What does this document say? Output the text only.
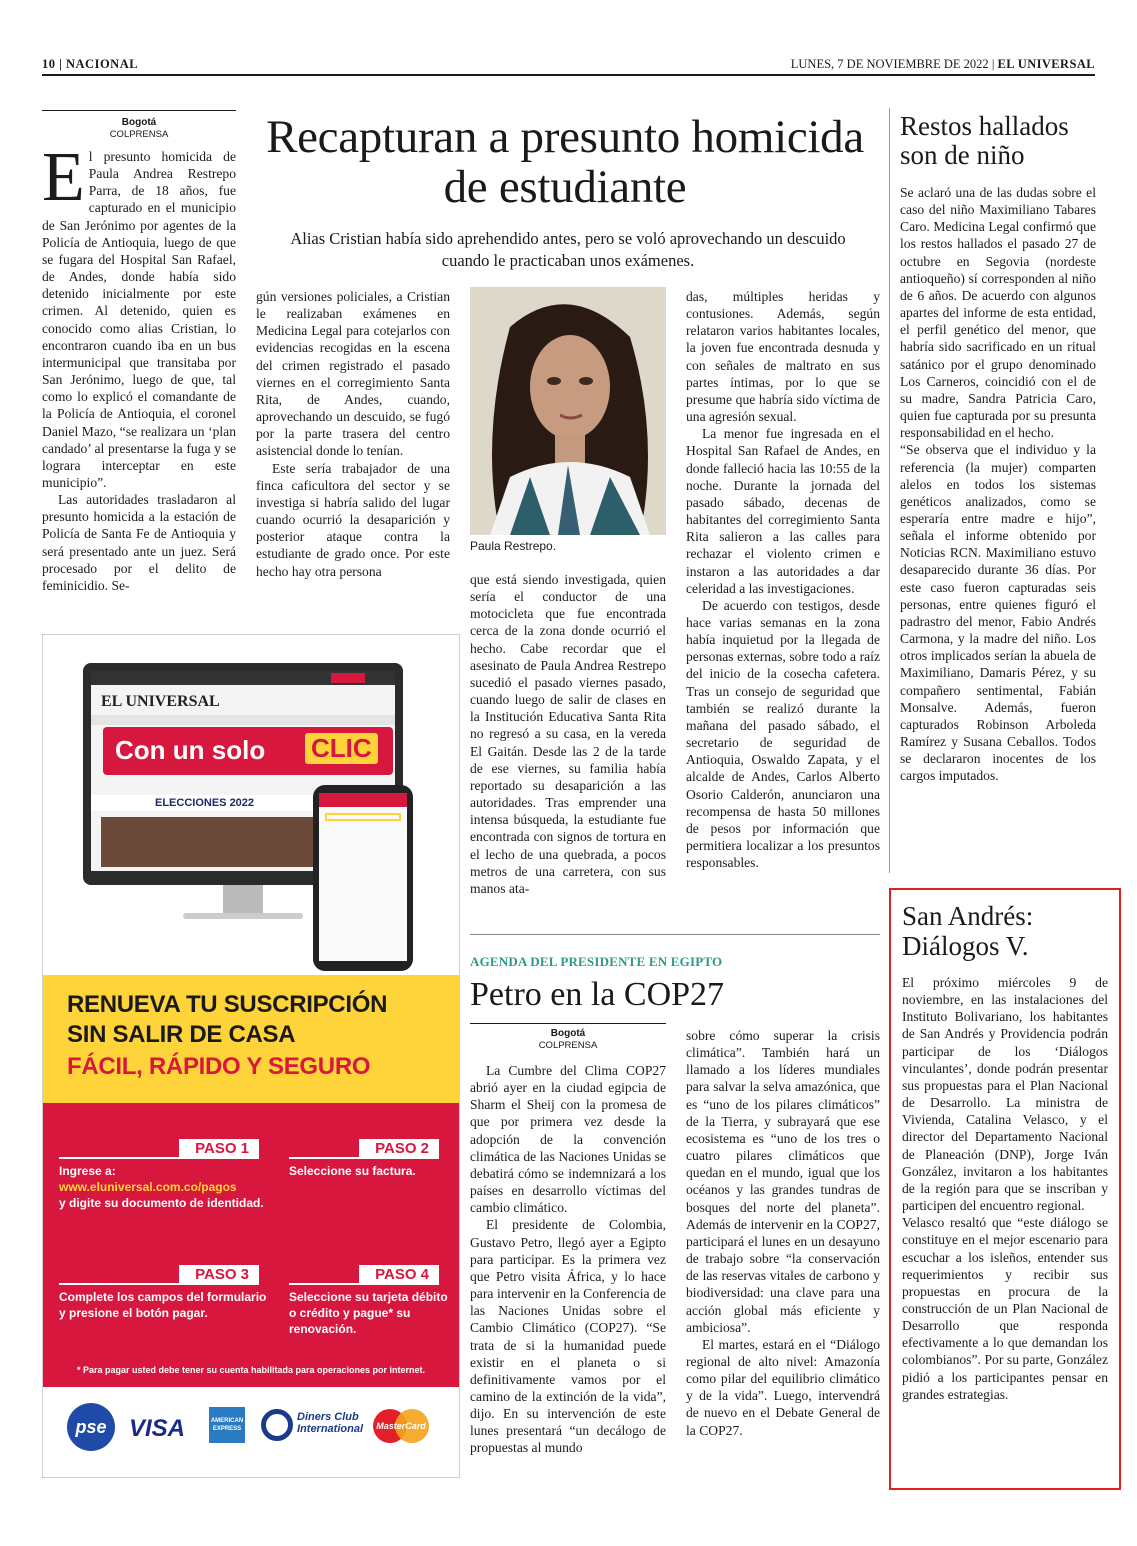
10 | NACIONAL	LUNES, 7 DE NOVIEMBRE DE 2022 | EL UNIVERSAL
Bogotá
COLPRENSA

El presunto homicida de Paula Andrea Restrepo Parra, de 18 años, fue capturado en el municipio de San Jerónimo por agentes de la Policía de Antioquia, luego de que se fugara del Hospital San Rafael, de Andes, donde había sido detenido inicialmente por este crimen. Al detenido, quien es conocido como alias Cristian, lo encontraron cuando iba en un bus intermunicipal que transitaba por San Jerónimo, luego de que, tal como lo explicó el comandante de la Policía de Antioquia, el coronel Daniel Mazo, “se realizara un ‘plan candado’ al presentarse la fuga y se lograra interceptar en este municipio”.

Las autoridades trasladaron al presunto homicida a la estación de Policía de Santa Fe de Antioquia y será presentado ante un juez. Será procesado por el delito de feminicidio. Se-

Recapturan a presunto homicida de estudiante
Alias Cristian había sido aprehendido antes, pero se voló aprovechando un descuido cuando le practicaban unos exámenes.

gún versiones policiales, a Cristian le realizaban exámenes en Medicina Legal para cotejarlos con evidencias recogidas en la escena del crimen registrado el pasado viernes en el corregimiento Santa Rita, de Andes, cuando, aprovechando un descuido, se fugó por la parte trasera del centro asistencial donde lo tenían.

Este sería trabajador de una finca caficultora del sector y se investiga si habría salido del lugar cuando ocurrió la desaparición y posterior ataque contra la estudiante de grado once. Por este hecho hay otra persona

Paula Restrepo.

que está siendo investigada, quien sería el conductor de una motocicleta que fue encontrada cerca de la zona donde ocurrió el hecho. Cabe recordar que el asesinato de Paula Andrea Restrepo sucedió el pasado viernes pasado, cuando luego de salir de clases en la Institución Educativa Santa Rita no regresó a su casa, en la vereda El Gaitán. Desde las 2 de la tarde de ese viernes, su familia había reportado su desaparición a las autoridades. Tras emprender una intensa búsqueda, la estudiante fue encontrada con signos de tortura en el lecho de una quebrada, a pocos metros de una carretera, con sus manos ata-

das, múltiples heridas y contusiones. Además, según relataron varios habitantes locales, la joven fue encontrada desnuda y con señales de maltrato en sus partes íntimas, por lo que se presume que habría sido víctima de una agresión sexual.

La menor fue ingresada en el Hospital San Rafael de Andes, en donde falleció hacia las 10:55 de la noche. Durante la jornada del pasado sábado, decenas de habitantes del corregimiento Santa Rita salieron a las calles para rechazar el violento crimen e instaron a las autoridades a dar celeridad a las investigaciones.

De acuerdo con testigos, desde hace varias semanas en la zona había inquietud por la llegada de personas externas, sobre todo a raíz del inicio de la cosecha cafetera. Tras un consejo de seguridad que también se realizó durante la mañana del pasado sábado, el secretario de seguridad de Antioquia, Oswaldo Zapata, y el alcalde de Andes, Carlos Alberto Osorio Calderón, anunciaron una recompensa de hasta 50 millones de pesos por información que permitiera localizar a los presuntos responsables.

Restos hallados son de niño

Se aclaró una de las dudas sobre el caso del niño Maximiliano Tabares Caro. Medicina Legal confirmó que los restos hallados el pasado 27 de octubre en Segovia (nordeste antioqueño) sí corresponden al niño de 6 años. De acuerdo con algunos apartes del informe de esta entidad, el perfil genético del menor, que habría sido sacrificado en un ritual satánico por el grupo denominado Los Carneros, coincidió con el de su madre, Sandra Patricia Caro, quien fue capturada por su presunta responsabilidad en el hecho.

“Se observa que el individuo y la referencia (la mujer) comparten alelos en todos los sistemas genéticos analizados, como se esperaría entre madre e hijo”, señala el informe obtenido por Noticias RCN. Maximiliano estuvo desaparecido durante 36 días. Por este caso fueron capturadas seis personas, entre quienes figuró el padrastro del menor, Fabio Andrés Carmona, y la madre del niño. Los otros implicados serían la abuela de Maximiliano, Damaris Pérez, y su compañero sentimental, Fabián Monsalve. Además, fueron capturados Robinson Arboleda Ramírez y Susana Ceballos. Todos se declararon inocentes de los cargos imputados.

San Andrés: Diálogos V.

El próximo miércoles 9 de noviembre, en las instalaciones del Instituto Bolivariano, los habitantes de San Andrés y Providencia podrán participar de los ‘Diálogos vinculantes’, donde podrán presentar sus propuestas para el Plan Nacional de Desarrollo. La ministra de Vivienda, Catalina Velasco, y el director del Departamento Nacional de Planeación (DNP), Jorge Iván González, invitaron a los habitantes de la región para que se inscriban y participen del encuentro regional.

Velasco resaltó que “este diálogo se constituye en el mejor escenario para escuchar a los isleños, entender sus requerimientos y recibir sus propuestas en procura de la construcción de un Plan Nacional de Desarrollo que responda efectivamente a lo que demandan los colombianos”. Por su parte, González pidió a los participantes pensar en grandes estrategias.

AGENDA DEL PRESIDENTE EN EGIPTO
Petro en la COP27
Bogotá
COLPRENSA

La Cumbre del Clima COP27 abrió ayer en la ciudad egipcia de Sharm el Sheij con la promesa de que por primera vez desde la adopción de la convención climática de las Naciones Unidas se debatirá cómo se indemnizará a los países en desarrollo víctimas del cambio climático.

El presidente de Colombia, Gustavo Petro, llegó ayer a Egipto para participar. Es la primera vez que Petro visita África, y lo hace para intervenir en la Conferencia de las Naciones Unidas sobre el Cambio Climático (COP27). “Se trata de si la humanidad puede existir en el planeta o si definitivamente vamos por el camino de la extinción de la vida”, dijo. En su intervención de este lunes presentará “un decálogo de propuestas al mundo

sobre cómo superar la crisis climática”. También hará un llamado a los líderes mundiales para salvar la selva amazónica, que es “uno de los pilares climáticos” de la Tierra, y subrayará que ese ecosistema es “uno de los tres o cuatro pilares climáticos que quedan en el mundo, igual que los océanos y las grandes tundras de bosques del norte del planeta”. Además de intervenir en la COP27, participará el lunes en un desayuno de trabajo sobre “la conservación de las reservas vitales de carbono y biodiversidad: una clave para una acción global más eficiente y ambiciosa”.

El martes, estará en el “Diálogo regional de alto nivel: Amazonía como pilar del equilibrio climático y de la vida”. Luego, intervendrá de nuevo en el Debate General de la COP27.

EL UNIVERSAL
ELECCIONES 2022
Con un solo CLIC
RENUEVA TU SUSCRIPCIÓN
SIN SALIR DE CASA
FÁCIL, RÁPIDO Y SEGURO
PASO 1
Ingrese a:
www.eluniversal.com.co/pagos
y digite su documento de identidad.
PASO 2
Seleccione su factura.
PASO 3
Complete los campos del formulario y presione el botón pagar.
PASO 4
Seleccione su tarjeta débito o crédito y pague* su renovación.
* Para pagar usted debe tener su cuenta habilitada para operaciones por internet.
pse VISA	AMERICAN EXPRESS
Diners Club International	MasterCard
